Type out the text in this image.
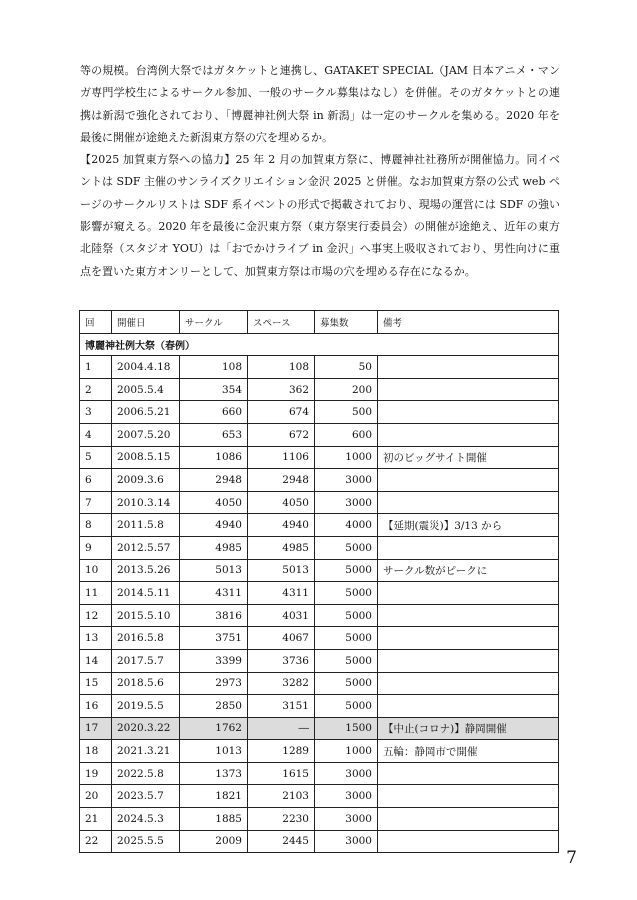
等の規模。台湾例大祭ではガタケットと連携し、GATAKET SPECIAL（JAM 日本アニメ・マンガ専門学校生によるサークル参加、一般のサークル募集はなし）を併催。そのガタケットとの連携は新潟で強化されており、「博麗神社例大祭 in 新潟」は一定のサークルを集める。2020 年を最後に開催が途絶えた新潟東方祭の穴を埋めるか。

【2025 加賀東方祭への協力】25 年 2 月の加賀東方祭に、博麗神社社務所が開催協力。同イベントは SDF 主催のサンライズクリエイション金沢 2025 と併催。なお加賀東方祭の公式 web ページのサークルリストは SDF 系イベントの形式で掲載されており、現場の運営には SDF の強い影響が窺える。2020 年を最後に金沢東方祭（東方祭実行委員会）の開催が途絶え、近年の東方北陸祭（スタジオ YOU）は「おでかけライブ in 金沢」へ事実上吸収されており、男性向けに重点を置いた東方オンリーとして、加賀東方祭は市場の穴を埋める存在になるか。

回	開催日	サークル	スペース	募集数	備考
博麗神社例大祭（春例）					
1	2004.4.18	108	108	50	
2	2005.5.4	354	362	200	
3	2006.5.21	660	674	500	
4	2007.5.20	653	672	600	
5	2008.5.15	1086	1106	1000	初のビッグサイト開催
6	2009.3.6	2948	2948	3000	
7	2010.3.14	4050	4050	3000	
8	2011.5.8	4940	4940	4000	【延期(震災)】3/13 から
9	2012.5.57	4985	4985	5000	
10	2013.5.26	5013	5013	5000	サークル数がピークに
11	2014.5.11	4311	4311	5000	
12	2015.5.10	3816	4031	5000	
13	2016.5.8	3751	4067	5000	
14	2017.5.7	3399	3736	5000	
15	2018.5.6	2973	3282	5000	
16	2019.5.5	2850	3151	5000	
17	2020.3.22	1762	―	1500	【中止(コロナ)】静岡開催
18	2021.3.21	1013	1289	1000	五輪：静岡市で開催
19	2022.5.8	1373	1615	3000	
20	2023.5.7	1821	2103	3000	
21	2024.5.3	1885	2230	3000	
22	2025.5.5	2009	2445	3000	
7
